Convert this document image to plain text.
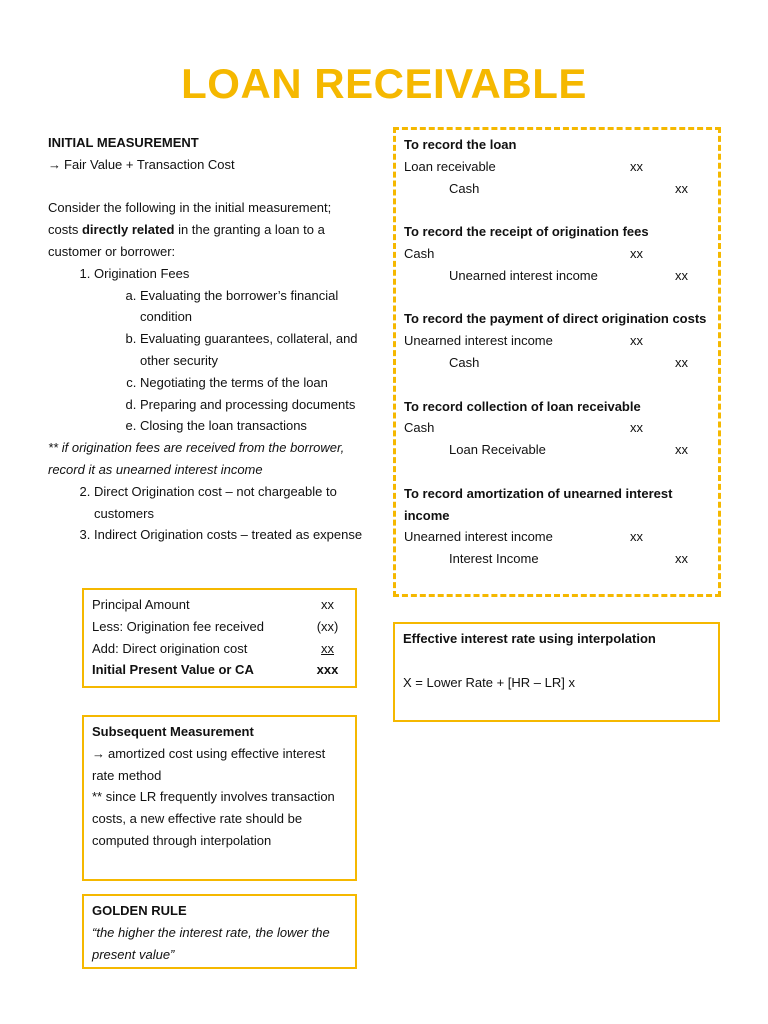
LOAN RECEIVABLE

INITIAL MEASUREMENT

→ Fair Value + Transaction Cost

Consider the following in the initial measurement;

costs directly related in the granting a loan to a

customer or borrower:

1. Origination Fees
a. Evaluating the borrower’s financial condition
b. Evaluating guarantees, collateral, and other security
c. Negotiating the terms of the loan
d. Preparing and processing documents
e. Closing the loan transactions

** if origination fees are received from the borrower, record it as unearned interest income

2. Direct Origination cost – not chargeable to customers
3. Indirect Origination costs – treated as expense
Principal Amount	xx
Less: Origination fee received	(xx)
Add: Direct origination cost	xx
Initial Present Value or CA	xxx
Subsequent Measurement
→ amortized cost using effective interest rate method
** since LR frequently involves transaction costs, a new effective rate should be computed through interpolation
GOLDEN RULE
“the higher the interest rate, the lower the present value”
To record the loan
Loan receivable	xx
Cash	xx
To record the receipt of origination fees
Cash	xx
Unearned interest income	xx
To record the payment of direct origination costs
Unearned interest income	xx
Cash	xx
To record collection of loan receivable
Cash	xx
Loan Receivable	xx
To record amortization of unearned interest
income
Unearned interest income	xx
Interest Income	xx
Effective interest rate using interpolation
X = Lower Rate + [HR – LR] x
